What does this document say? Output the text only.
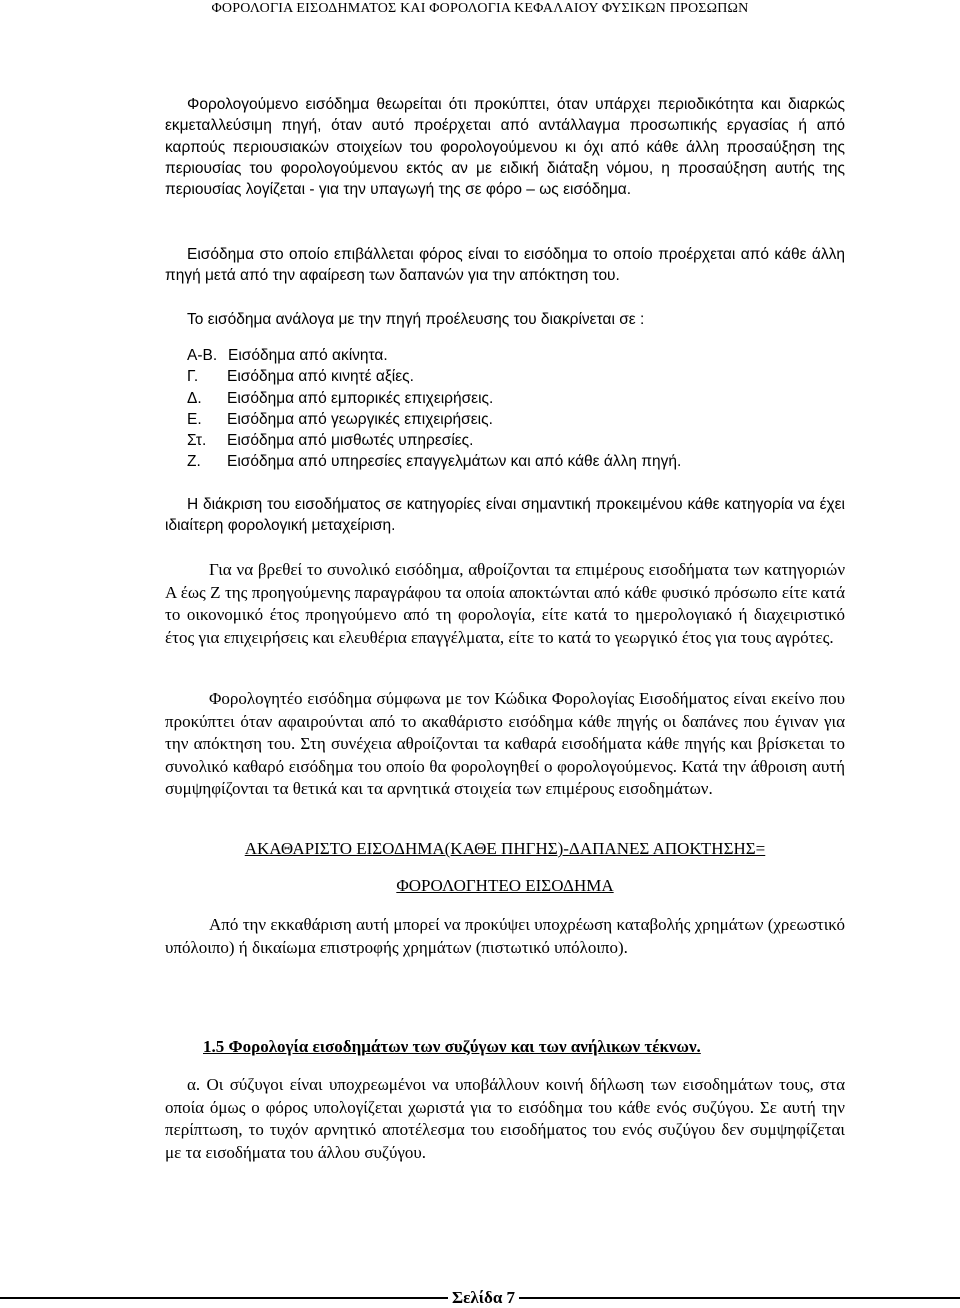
ΦΟΡΟΛΟΓΙΑ ΕΙΣΟΔΗΜΑΤΟΣ ΚΑΙ ΦΟΡΟΛΟΓΙΑ ΚΕΦΑΛΑΙΟΥ ΦΥΣΙΚΩΝ ΠΡΟΣΩΠΩΝ

Φορολογούμενο εισόδημα θεωρείται ότι προκύπτει, όταν υπάρχει περιοδικότητα και διαρκώς εκμεταλλεύσιμη πηγή, όταν αυτό προέρχεται από αντάλλαγμα προσωπικής εργασίας ή από καρπούς περιουσιακών στοιχείων του φορολογούμενου κι όχι από κάθε άλλη προσαύξηση της περιουσίας του φορολογούμενου εκτός αν με ειδική διάταξη νόμου, η προσαύξηση αυτής της περιουσίας λογίζεται - για την υπαγωγή της σε φόρο – ως εισόδημα.

Εισόδημα στο οποίο επιβάλλεται φόρος είναι το εισόδημα το οποίο προέρχεται από κάθε άλλη πηγή μετά από την αφαίρεση των δαπανών για την απόκτηση του.

Το εισόδημα ανάλογα με την πηγή προέλευσης του διακρίνεται σε :

Α-Β. Εισόδημα από ακίνητα.
Γ.	Εισόδημα από κινητέ αξίες.
Δ.	Εισόδημα από εμπορικές επιχειρήσεις.
Ε.	Εισόδημα από γεωργικές επιχειρήσεις.
Στ.	Εισόδημα από μισθωτές υπηρεσίες.
Ζ.	Εισόδημα από υπηρεσίες επαγγελμάτων και από κάθε άλλη πηγή.

Η διάκριση του εισοδήματος σε κατηγορίες είναι σημαντική προκειμένου κάθε κατηγορία να έχει ιδιαίτερη φορολογική μεταχείριση.

Για να βρεθεί το συνολικό εισόδημα, αθροίζονται τα επιμέρους εισοδήματα των κατηγοριών Α έως Ζ της προηγούμενης παραγράφου τα οποία αποκτώνται από κάθε φυσικό πρόσωπο είτε κατά το οικονομικό έτος προηγούμενο από τη φορολογία, είτε κατά το ημερολογιακό ή διαχειριστικό έτος για επιχειρήσεις και ελευθέρια επαγγέλματα, είτε το κατά το γεωργικό έτος για τους αγρότες.

Φορολογητέο εισόδημα σύμφωνα με τον Κώδικα Φορολογίας Εισοδήματος είναι εκείνο που προκύπτει όταν αφαιρούνται από το ακαθάριστο εισόδημα κάθε πηγής οι δαπάνες που έγιναν για την απόκτηση του. Στη συνέχεια αθροίζονται τα καθαρά εισοδήματα κάθε πηγής και βρίσκεται το συνολικό καθαρό εισόδημα του οποίο θα φορολογηθεί ο φορολογούμενος. Κατά την άθροιση αυτή συμψηφίζονται τα θετικά και τα αρνητικά στοιχεία των επιμέρους εισοδημάτων.

ΑΚΑΘΑΡΙΣΤΟ ΕΙΣΟΔΗΜΑ(ΚΑΘΕ ΠΗΓΗΣ)-ΔΑΠΑΝΕΣ ΑΠΟΚΤΗΣΗΣ=

ΦΟΡΟΛΟΓΗΤΕΟ ΕΙΣΟΔΗΜΑ

Από την εκκαθάριση αυτή μπορεί να προκύψει υποχρέωση καταβολής χρημάτων (χρεωστικό υπόλοιπο) ή δικαίωμα επιστροφής χρημάτων (πιστωτικό υπόλοιπο).

1.5 Φορολογία εισοδημάτων των συζύγων και των ανήλικων τέκνων.

α. Οι σύζυγοι είναι υποχρεωμένοι να υποβάλλουν κοινή δήλωση των εισοδημάτων τους, στα οποία όμως ο φόρος υπολογίζεται χωριστά για το εισόδημα του κάθε ενός συζύγου. Σε αυτή την περίπτωση, το τυχόν αρνητικό αποτέλεσμα του εισοδήματος του ενός συζύγου δεν συμψηφίζεται με τα εισοδήματα του άλλου συζύγου.

Σελίδα 7
